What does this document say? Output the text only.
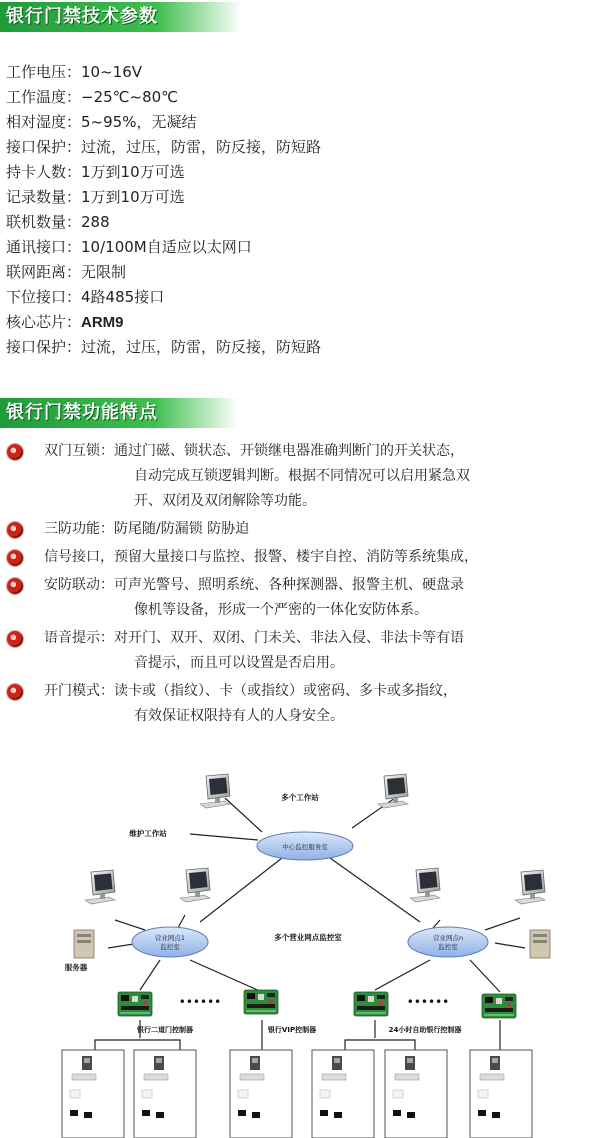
银行门禁技术参数
工作电压：10~16V
工作温度：−25℃~80℃
相对湿度：5~95%，无凝结
接口保护：过流，过压，防雷，防反接，防短路
持卡人数：1万到10万可选
记录数量：1万到10万可选
联机数量：288
通讯接口：10/100M自适应以太网口
联网距离：无限制
下位接口：4路485接口
核心芯片：ARM9
接口保护：过流，过压，防雷，防反接，防短路
银行门禁功能特点
双门互锁：通过门磁、锁状态、开锁继电器准确判断门的开关状态，
自动完成互锁逻辑判断。根据不同情况可以启用紧急双
开、双闭及双闭解除等功能。
三防功能：防尾随/防漏锁 防胁迫
信号接口，预留大量接口与监控、报警、楼宇自控、消防等系统集成，
安防联动：可声光警号、照明系统、各种探测器、报警主机、硬盘录
像机等设备，形成一个严密的一体化安防体系。
语音提示：对开门、双开、双闭、门未关、非法入侵、非法卡等有语
音提示，而且可以设置是否启用。
开门模式：读卡或（指纹）、卡（或指纹）或密码、多卡或多指纹，
有效保证权限持有人的人身安全。
中心监控服务室
营业网点1
监控室
营业网点n
监控室
多个工作站
维护工作站
多个营业网点监控室
服务器
••••••	••••••
银行二道门控制器	银行VIP控制器	24小时自助银行控制器
